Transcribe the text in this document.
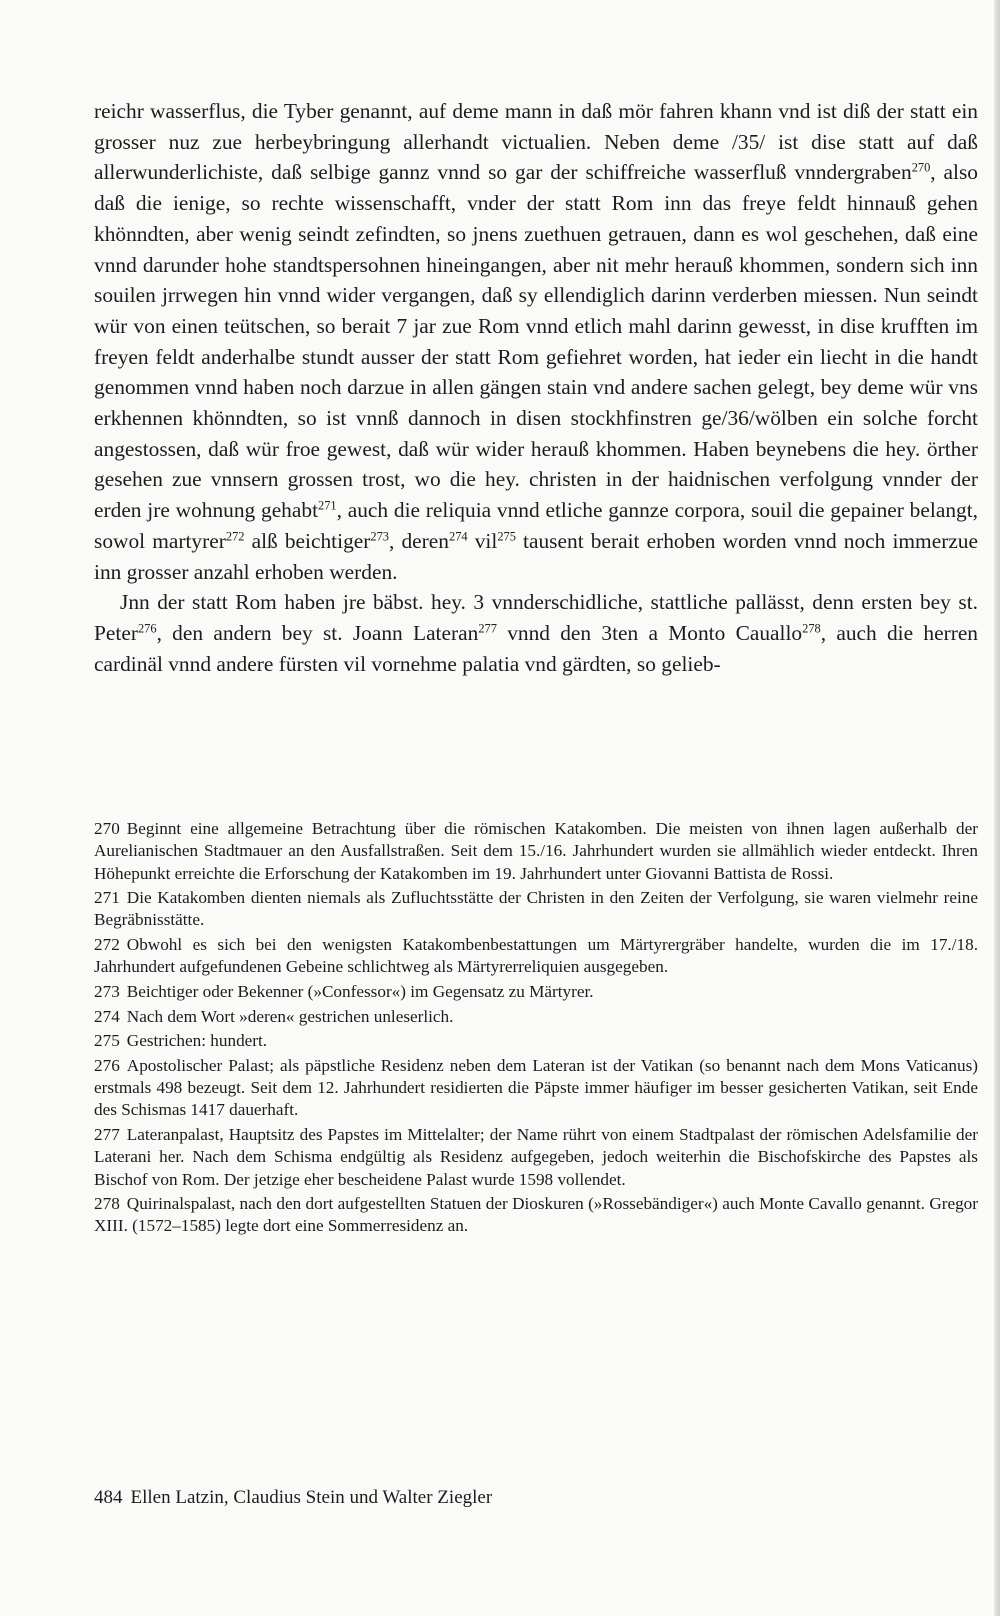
reichr wasserflus, die Tyber genannt, auf deme mann in daß mör fahren khann vnd ist diß der statt ein grosser nuz zue herbeybringung allerhandt victualien. Neben deme /35/ ist dise statt auf daß allerwunderlichiste, daß selbige gannz vnnd so gar der schiffreiche wasserfluß vnndergraben$^{270}$, also daß die ienige, so rechte wissenschafft, vnder der statt Rom inn das freye feldt hinnauß gehen khönndten, aber wenig seindt zefindten, so jnens zuethuen getrauen, dann es wol geschehen, daß eine vnnd darunder hohe standtspersohnen hineingangen, aber nit mehr herauß khommen, sondern sich inn souilen jrrwegen hin vnnd wider vergangen, daß sy ellendiglich darinn verderben miessen. Nun seindt wür von einen teütschen, so berait 7 jar zue Rom vnnd etlich mahl darinn gewesst, in dise krufften im freyen feldt anderhalbe stundt ausser der statt Rom gefiehret worden, hat ieder ein liecht in die handt genommen vnnd haben noch darzue in allen gängen stain vnd andere sachen gelegt, bey deme wür vns erkhennen khönndten, so ist vnnß dannoch in disen stockhfinstren ge/36/wölben ein solche forcht angestossen, daß wür froe gewest, daß wür wider herauß khommen. Haben beynebens die hey. örther gesehen zue vnnsern grossen trost, wo die hey. christen in der haidnischen verfolgung vnnder der erden jre wohnung gehabt$^{271}$, auch die reliquia vnnd etliche gannze corpora, souil die gepainer belangt, sowol martyrer$^{272}$ alß beichtiger$^{273}$, deren$^{274}$ vil$^{275}$ tausent berait erhoben worden vnnd noch immerzue inn grosser anzahl erhoben werden.

Jnn der statt Rom haben jre bäbst. hey. 3 vnnderschidliche, stattliche pallässt, denn ersten bey st. Peter$^{276}$, den andern bey st. Joann Lateran$^{277}$ vnnd den 3ten a Monto Cauallo$^{278}$, auch die herren cardinäl vnnd andere fürsten vil vornehme palatia vnd gärdten, so gelieb-

270 Beginnt eine allgemeine Betrachtung über die römischen Katakomben. Die meisten von ihnen lagen außerhalb der Aurelianischen Stadtmauer an den Ausfallstraßen. Seit dem 15./16. Jahrhundert wurden sie allmählich wieder entdeckt. Ihren Höhepunkt erreichte die Erforschung der Katakomben im 19. Jahrhundert unter Giovanni Battista de Rossi.
271 Die Katakomben dienten niemals als Zufluchtsstätte der Christen in den Zeiten der Verfolgung, sie waren vielmehr reine Begräbnisstätte.
272 Obwohl es sich bei den wenigsten Katakombenbestattungen um Märtyrergräber handelte, wurden die im 17./18. Jahrhundert aufgefundenen Gebeine schlichtweg als Märtyrerreliquien ausgegeben.
273 Beichtiger oder Bekenner (»Confessor«) im Gegensatz zu Märtyrer.
274 Nach dem Wort »deren« gestrichen unleserlich.
275 Gestrichen: hundert.
276 Apostolischer Palast; als päpstliche Residenz neben dem Lateran ist der Vatikan (so benannt nach dem Mons Vaticanus) erstmals 498 bezeugt. Seit dem 12. Jahrhundert residierten die Päpste immer häufiger im besser gesicherten Vatikan, seit Ende des Schismas 1417 dauerhaft.
277 Lateranpalast, Hauptsitz des Papstes im Mittelalter; der Name rührt von einem Stadtpalast der römischen Adelsfamilie der Laterani her. Nach dem Schisma endgültig als Residenz aufgegeben, jedoch weiterhin die Bischofskirche des Papstes als Bischof von Rom. Der jetzige eher bescheidene Palast wurde 1598 vollendet.
278 Quirinalspalast, nach den dort aufgestellten Statuen der Dioskuren (»Rossebändiger«) auch Monte Cavallo genannt. Gregor XIII. (1572–1585) legte dort eine Sommerresidenz an.
484 Ellen Latzin, Claudius Stein und Walter Ziegler
